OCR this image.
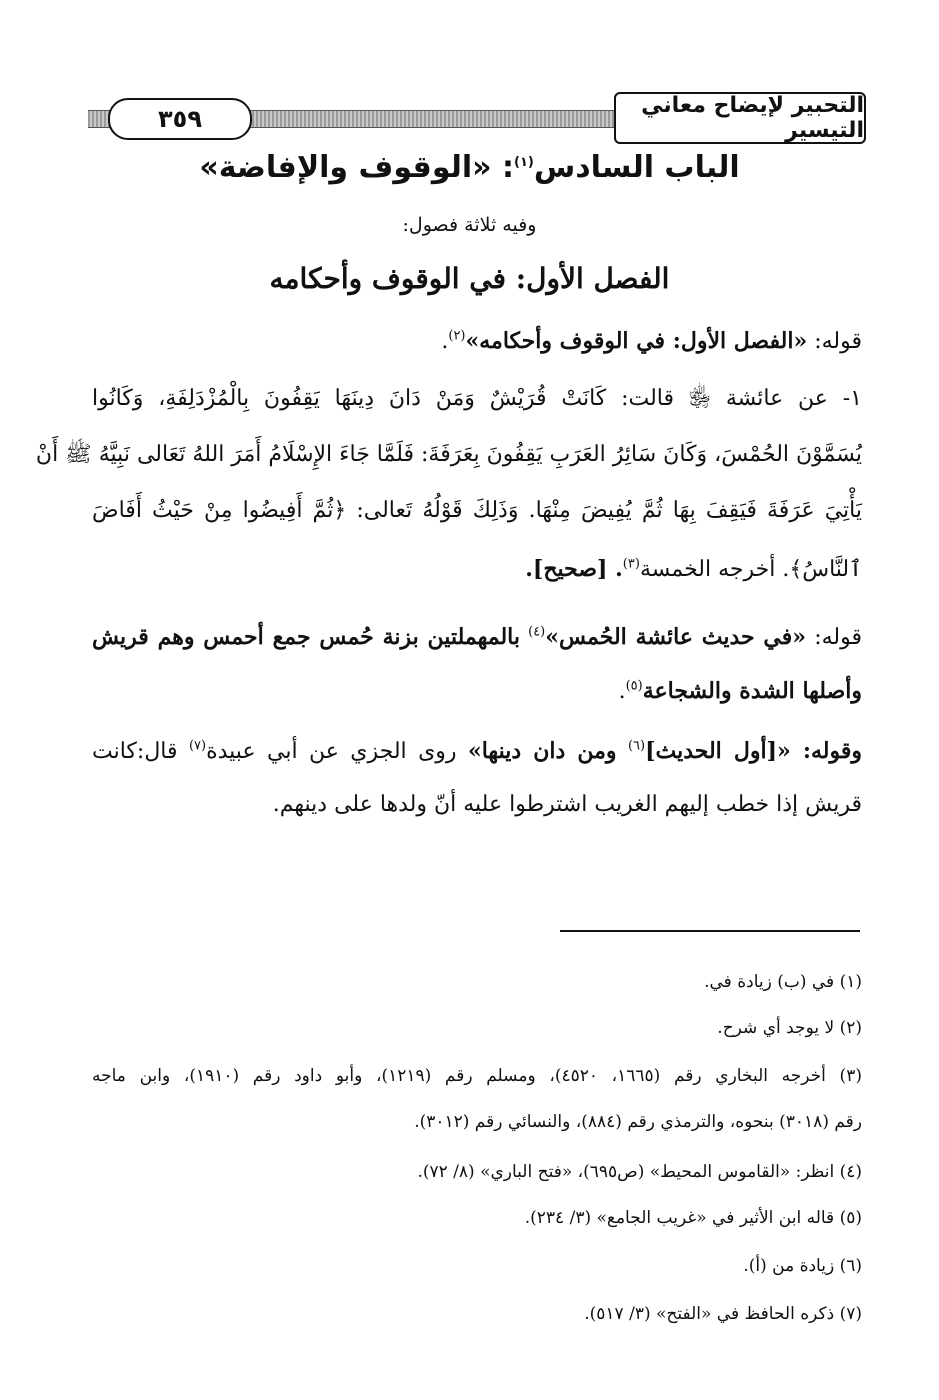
٣٥٩	التحبير لإيضاح معاني التيسير
الباب السادس$^{(١)}$: «الوقوف والإفاضة»
وفيه ثلاثة فصول:
الفصل الأول: في الوقوف وأحكامه
قوله: «الفصل الأول: في الوقوف وأحكامه»$^{(٢)}$.
١- عن عائشة ﵂ قالت: كَانَتْ قُرَيْشٌ وَمَنْ دَانَ دِينَهَا يَقِفُونَ بِالْمُزْدَلِفَةِ، وَكَانُوا
يُسَمَّوْنَ الحُمْسَ، وَكَانَ سَائِرُ العَرَبِ يَقِفُونَ بِعَرَفَةَ: فَلَمَّا جَاءَ الإِسْلَامُ أَمَرَ اللهُ تَعَالى نَبِيَّهُ ﷺ أَنْ
يَأْتِيَ عَرَفَةَ فَيَقِفَ بِهَا ثُمَّ يُفِيضَ مِنْهَا. وَذَلِكَ قَوْلُهُ تَعالى: ﴿ثُمَّ أَفِيضُوا مِنْ حَيْثُ أَفَاضَ
ٱلنَّاسُ﴾. أخرجه الخمسة$^{(٣)}$. [صحيح].
قوله: «في حديث عائشة الحُمس»$^{(٤)}$ بالمهملتين بزنة حُمس جمع أحمس وهم قريش
وأصلها الشدة والشجاعة$^{(٥)}$.
وقوله: «[أول الحديث]$^{(٦)}$ ومن دان دينها» روى الجزي عن أبي عبيدة$^{(٧)}$ قال:كانت
قريش إذا خطب إليهم الغريب اشترطوا عليه أنّ ولدها على دينهم.
(١) في (ب) زيادة في.
(٢) لا يوجد أي شرح.
(٣) أخرجه البخاري رقم (١٦٦٥، ٤٥٢٠)، ومسلم رقم (١٢١٩)، وأبو داود رقم (١٩١٠)، وابن ماجه
رقم (٣٠١٨) بنحوه، والترمذي رقم (٨٨٤)، والنسائي رقم (٣٠١٢).
(٤) انظر: «القاموس المحيط» (ص٦٩٥)، «فتح الباري» (٨/ ٧٢).
(٥) قاله ابن الأثير في «غريب الجامع» (٣/ ٢٣٤).
(٦) زيادة من (أ).
(٧) ذكره الحافظ في «الفتح» (٣/ ٥١٧).
